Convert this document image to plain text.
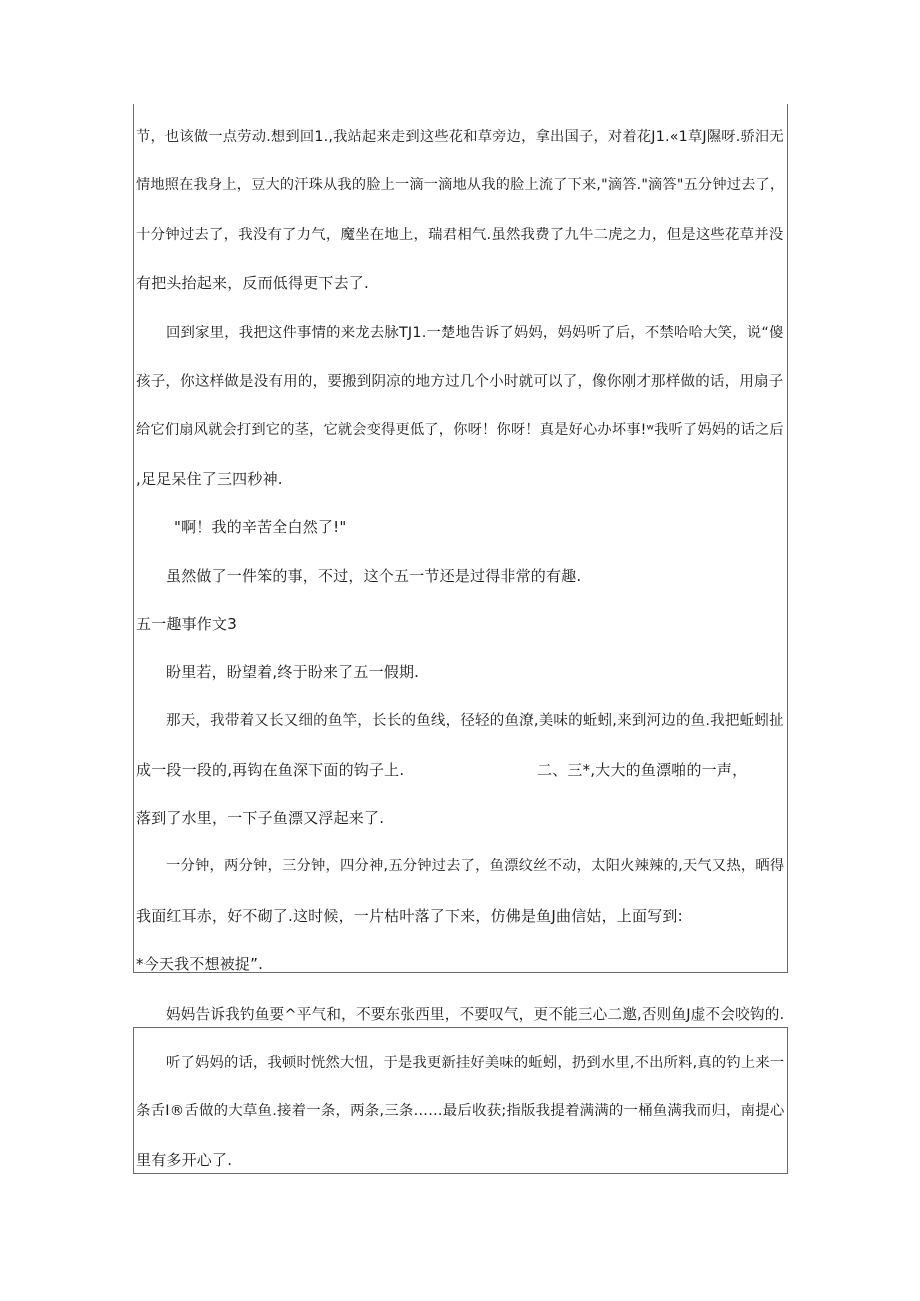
节，也该做一点劳动.想到回1.,我站起来走到这些花和草旁边，拿出国子，对着花J1.«1草J隰呀.骄汨无
情地照在我身上，豆大的汗珠从我的脸上一滴一滴地从我的脸上流了下来,"滴答."滴答"五分钟过去了，
十分钟过去了，我没有了力气，魔坐在地上，瑞君相气.虽然我费了九牛二虎之力，但是这些花草并没
有把头抬起来，反而低得更下去了.
回到家里，我把这件事情的来龙去脉TJ1.一楚地告诉了妈妈，妈妈听了后，不禁哈哈大笑，说“傻
孩子，你这样做是没有用的，要搬到阴凉的地方过几个小时就可以了，像你刚才那样做的话，用扇子
给它们扇风就会打到它的茎，它就会变得更低了，你呀！你呀！真是好心办坏事!ʷ我听了妈妈的话之后
,足足呆住了三四秒神.
"啊！我的辛苦全白然了!"
虽然做了一件笨的事，不过，这个五一节还是过得非常的有趣.
五一趣事作文3
盼里若，盼望着,终于盼来了五一假期.
那天，我带着又长又细的鱼竿，长长的鱼线，径轻的鱼潦,美味的蚯蚓,来到河边的鱼.我把蚯蚓扯
成一段一段的,再钩在鱼深下面的钩子上.	二、三*,大大的鱼漂啪的一声，
落到了水里，一下子鱼漂又浮起来了.
一分钟，两分钟，三分钟，四分神,五分钟过去了，鱼漂纹丝不动，太阳火辣辣的,天气又热，晒得
我面红耳赤，好不砌了.这时候，一片枯叶落了下来，仿佛是鱼J曲信姑，上面写到:
*今天我不想被捉”.
妈妈告诉我钓鱼要^平气和，不要东张西里，不要叹气，更不能三心二邀,否则鱼J虚不会咬钩的.
听了妈妈的话，我顿时恍然大忸，于是我更新挂好美味的蚯蚓，扔到水里,不出所料,真的钓上来一
条舌I®舌做的大草鱼.接着一条，两条,三条……最后收获;指版我提着满满的一桶鱼满我而归，南提心
里有多开心了.
